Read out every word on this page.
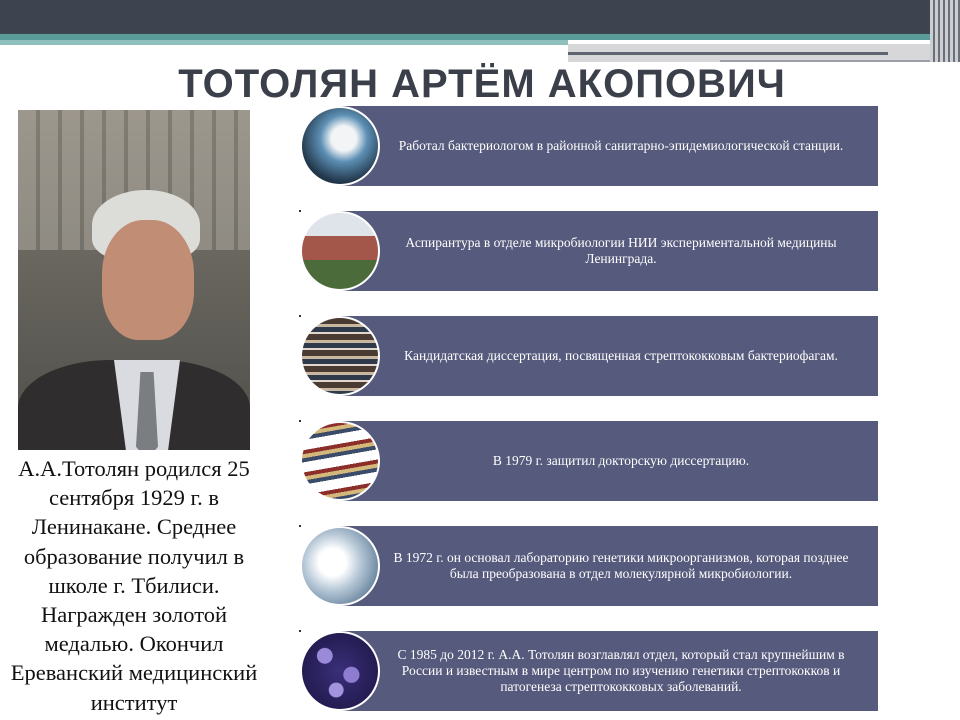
ТОТОЛЯН АРТЁМ АКОПОВИЧ
А.А.Тотолян родился 25 сентября 1929 г. в Ленинакане. Среднее образование получил в школе г. Тбилиси. Награжден золотой медалью. Окончил Ереванский медицинский институт
Работал бактериологом в районной санитарно-эпидемиологической станции.
Аспирантура в отделе микробиологии НИИ экспериментальной медицины Ленинграда.
Кандидатская диссертация, посвященная стрептококковым бактериофагам.
В 1979 г. защитил докторскую диссертацию.
В 1972 г. он основал лабораторию генетики микроорганизмов, которая позднее была преобразована в отдел молекулярной микробиологии.
С 1985 до 2012 г. А.А. Тотолян возглавлял отдел, который стал крупнейшим в России и известным в мире центром по изучению генетики стрептококков и патогенеза стрептококковых заболеваний.
